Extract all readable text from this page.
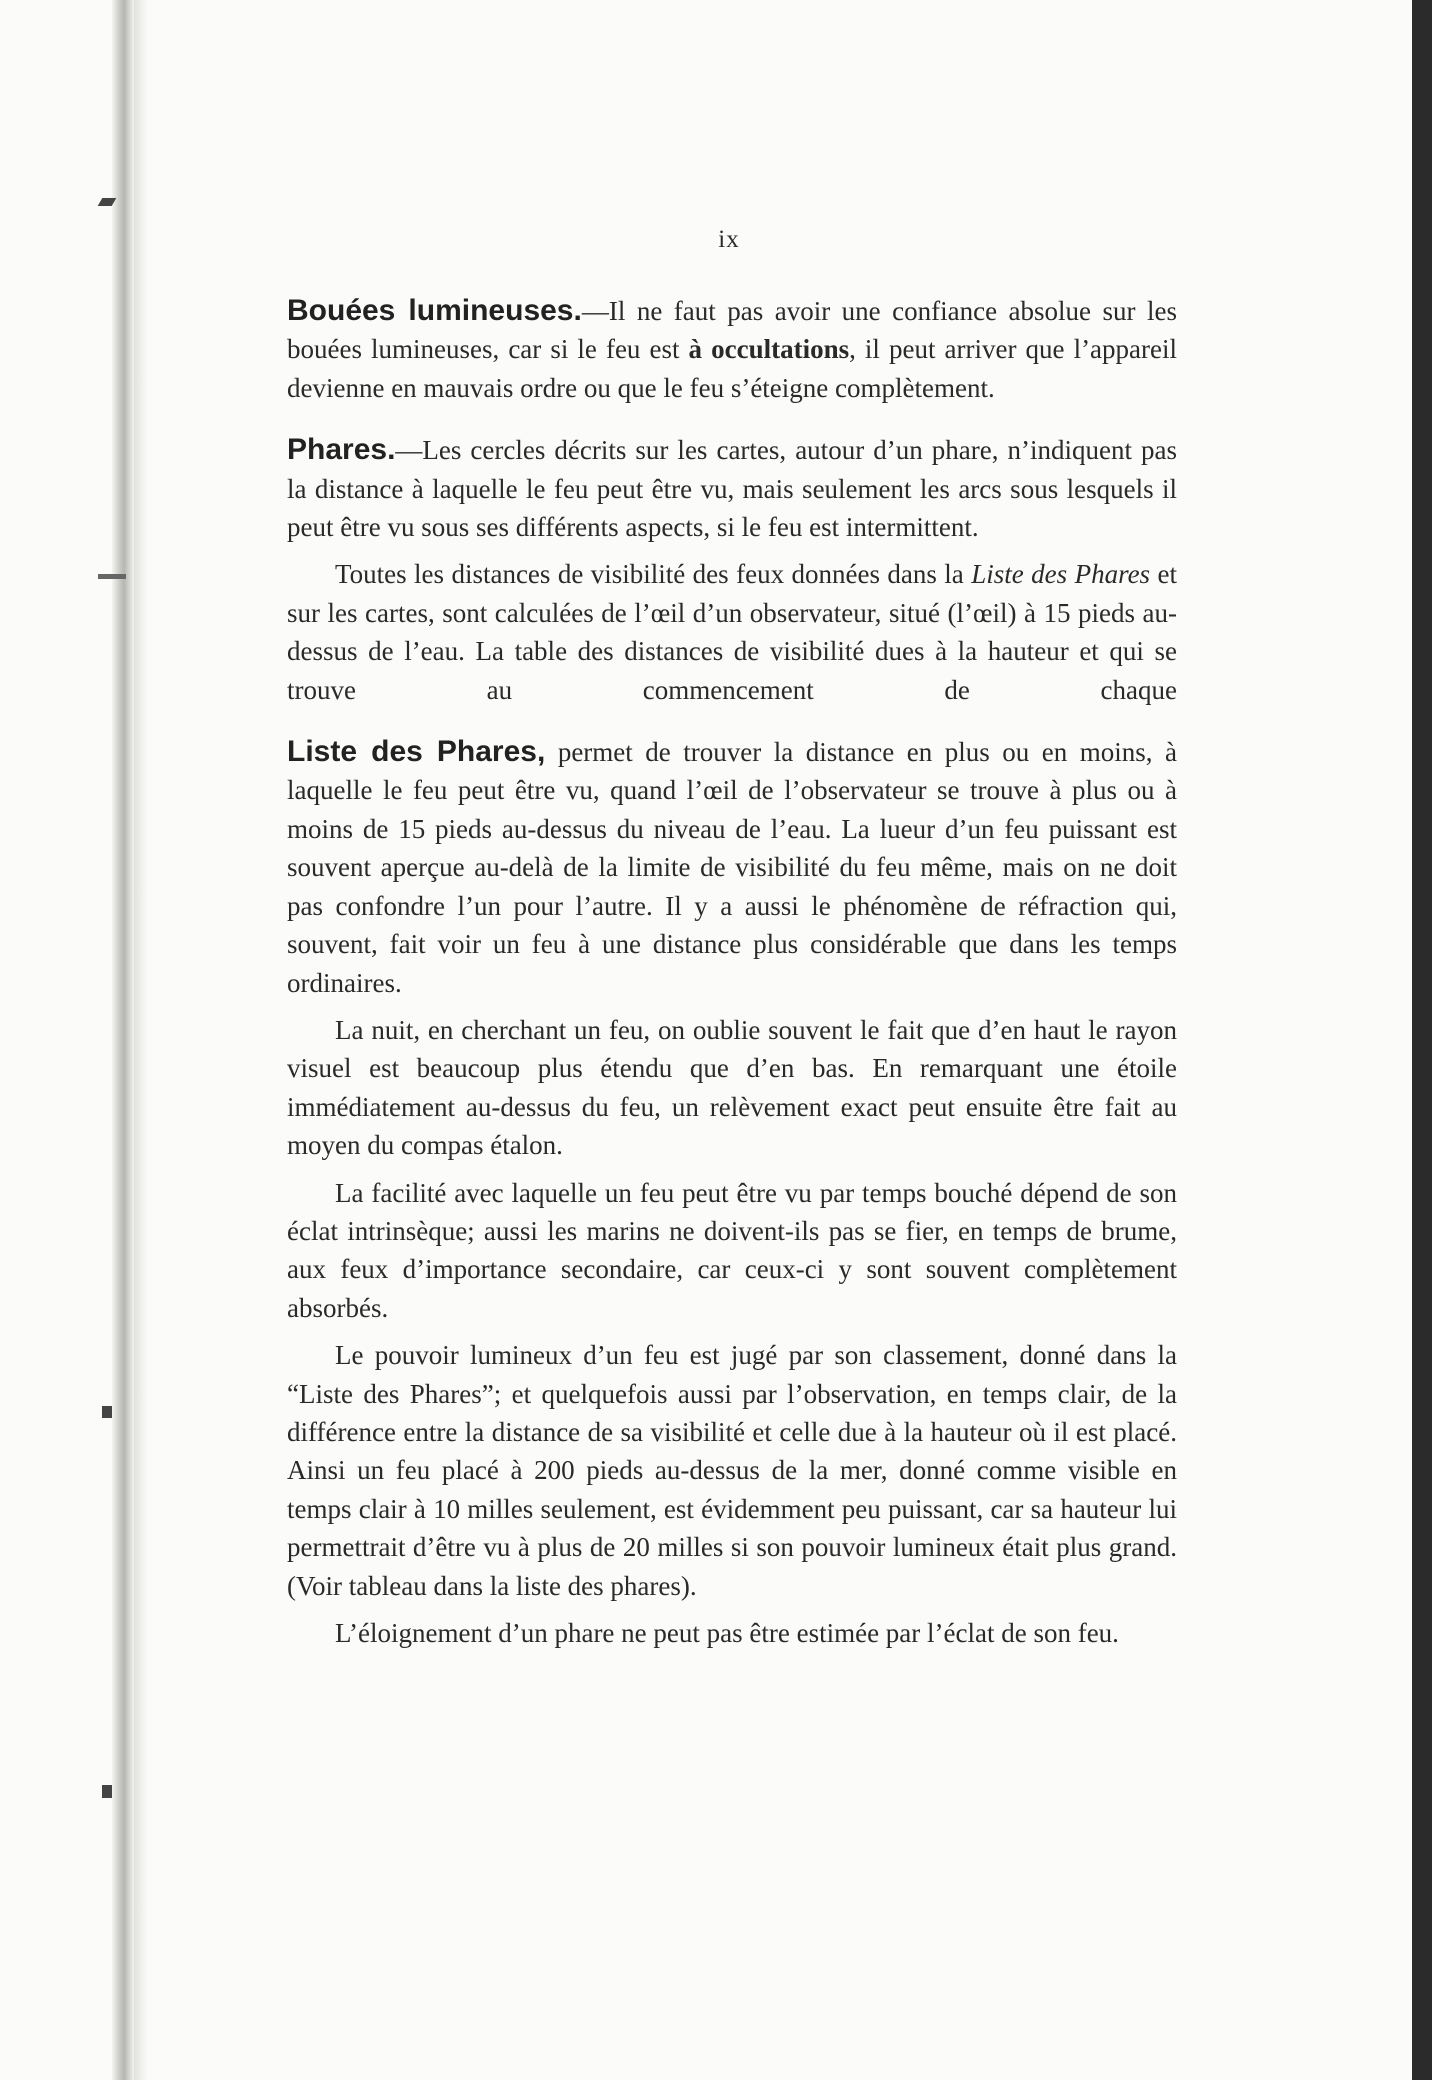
ix

Bouées lumineuses.—Il ne faut pas avoir une confiance absolue sur les bouées lumineuses, car si le feu est à occultations, il peut arriver que l’appareil devienne en mauvais ordre ou que le feu s’éteigne complètement.

Phares.—Les cercles décrits sur les cartes, autour d’un phare, n’indiquent pas la distance à laquelle le feu peut être vu, mais seulement les arcs sous lesquels il peut être vu sous ses différents aspects, si le feu est intermittent.

Toutes les distances de visibilité des feux données dans la Liste des Phares et sur les cartes, sont calculées de l’œil d’un observateur, situé (l’œil) à 15 pieds au-dessus de l’eau. La table des distances de visibilité dues à la hauteur et qui se trouve au commencement de chaque

Liste des Phares, permet de trouver la distance en plus ou en moins, à laquelle le feu peut être vu, quand l’œil de l’observateur se trouve à plus ou à moins de 15 pieds au-dessus du niveau de l’eau. La lueur d’un feu puissant est souvent aperçue au-delà de la limite de visibilité du feu même, mais on ne doit pas confondre l’un pour l’autre. Il y a aussi le phénomène de réfraction qui, souvent, fait voir un feu à une distance plus considérable que dans les temps ordinaires.

La nuit, en cherchant un feu, on oublie souvent le fait que d’en haut le rayon visuel est beaucoup plus étendu que d’en bas. En remarquant une étoile immédiatement au-dessus du feu, un relèvement exact peut ensuite être fait au moyen du compas étalon.

La facilité avec laquelle un feu peut être vu par temps bouché dépend de son éclat intrinsèque; aussi les marins ne doivent-ils pas se fier, en temps de brume, aux feux d’importance secondaire, car ceux-ci y sont souvent complètement absorbés.

Le pouvoir lumineux d’un feu est jugé par son classement, donné dans la “Liste des Phares”; et quelquefois aussi par l’observation, en temps clair, de la différence entre la distance de sa visibilité et celle due à la hauteur où il est placé. Ainsi un feu placé à 200 pieds au-dessus de la mer, donné comme visible en temps clair à 10 milles seulement, est évidemment peu puissant, car sa hauteur lui permettrait d’être vu à plus de 20 milles si son pouvoir lumineux était plus grand. (Voir tableau dans la liste des phares).

L’éloignement d’un phare ne peut pas être estimée par l’éclat de son feu.
